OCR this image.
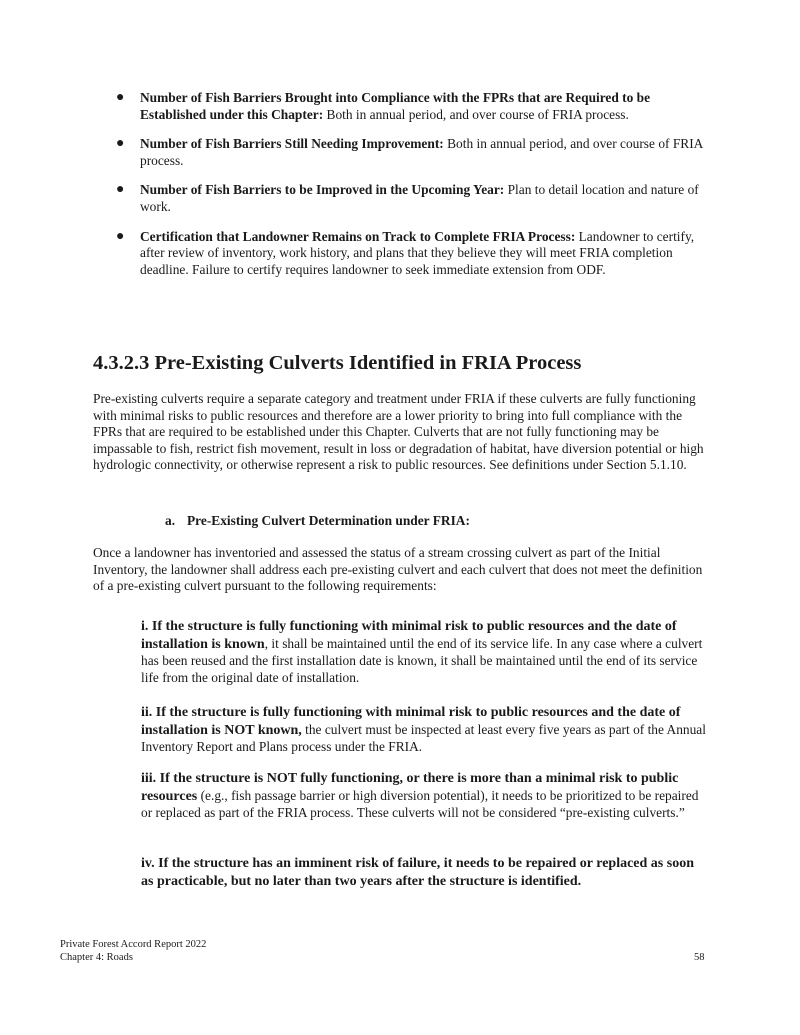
● Number of Fish Barriers Brought into Compliance with the FPRs that are Required to be Established under this Chapter: Both in annual period, and over course of FRIA process.
● Number of Fish Barriers Still Needing Improvement: Both in annual period, and over course of FRIA process.
● Number of Fish Barriers to be Improved in the Upcoming Year: Plan to detail location and nature of work.
● Certification that Landowner Remains on Track to Complete FRIA Process: Landowner to certify, after review of inventory, work history, and plans that they believe they will meet FRIA completion deadline. Failure to certify requires landowner to seek immediate extension from ODF.
4.3.2.3 Pre-Existing Culverts Identified in FRIA Process

Pre-existing culverts require a separate category and treatment under FRIA if these culverts are fully functioning with minimal risks to public resources and therefore are a lower priority to bring into full compliance with the FPRs that are required to be established under this Chapter. Culverts that are not fully functioning may be impassable to fish, restrict fish movement, result in loss or degradation of habitat, have diversion potential or high hydrologic connectivity, or otherwise represent a risk to public resources. See definitions under Section 5.1.10.

a. Pre-Existing Culvert Determination under FRIA:

Once a landowner has inventoried and assessed the status of a stream crossing culvert as part of the Initial Inventory, the landowner shall address each pre-existing culvert and each culvert that does not meet the definition of a pre-existing culvert pursuant to the following requirements:

i. If the structure is fully functioning with minimal risk to public resources and the date of installation is known, it shall be maintained until the end of its service life. In any case where a culvert has been reused and the first installation date is known, it shall be maintained until the end of its service life from the original date of installation.

ii. If the structure is fully functioning with minimal risk to public resources and the date of installation is NOT known, the culvert must be inspected at least every five years as part of the Annual Inventory Report and Plans process under the FRIA.

iii. If the structure is NOT fully functioning, or there is more than a minimal risk to public resources (e.g., fish passage barrier or high diversion potential), it needs to be prioritized to be repaired or replaced as part of the FRIA process. These culverts will not be considered “pre-existing culverts.”

iv. If the structure has an imminent risk of failure, it needs to be repaired or replaced as soon as practicable, but no later than two years after the structure is identified.

Private Forest Accord Report 2022
Chapter 4: Roads	58
